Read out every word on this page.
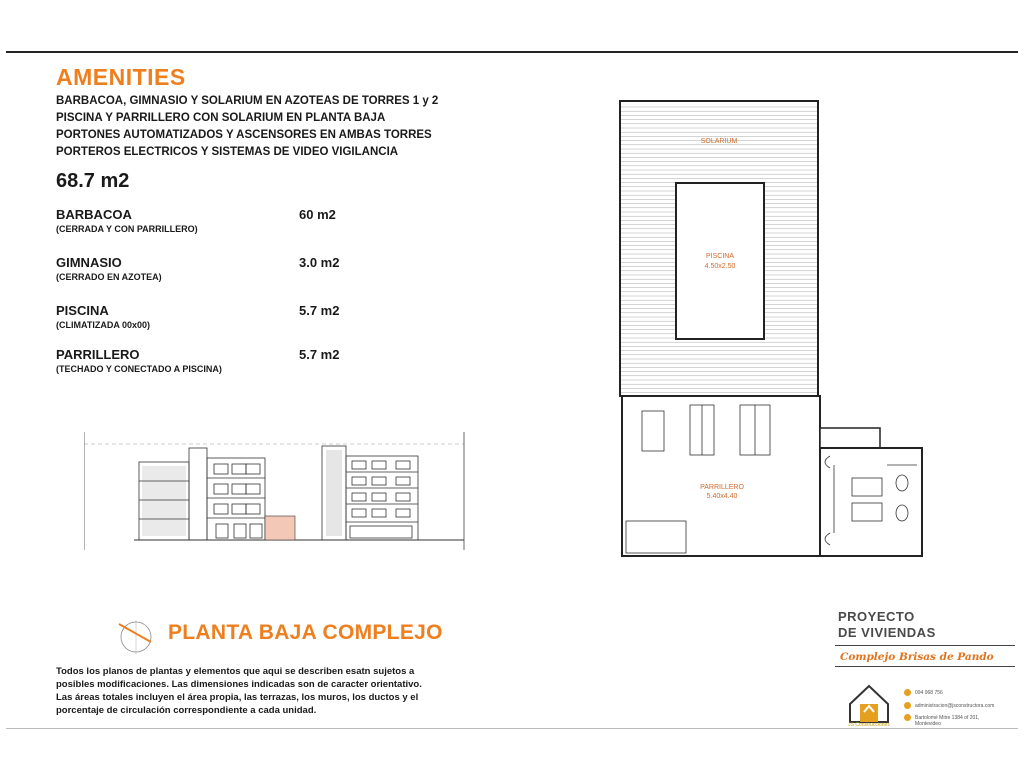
AMENITIES
BARBACOA, GIMNASIO Y SOLARIUM EN AZOTEAS DE TORRES 1 y 2
PISCINA Y PARRILLERO CON SOLARIUM EN PLANTA BAJA
PORTONES AUTOMATIZADOS Y ASCENSORES EN AMBAS TORRES
PORTEROS ELECTRICOS Y SISTEMAS DE VIDEO VIGILANCIA
68.7 m2
BARBACOA
(CERRADA Y CON PARRILLERO)
60 m2
GIMNASIO
(CERRADO EN AZOTEA)
3.0 m2
PISCINA
(CLIMATIZADA 00x00)
5.7 m2
PARRILLERO
(TECHADO Y CONECTADO A PISCINA)
5.7 m2
SOLARIUM
PISCINA
4.50x2.50
PARRILLERO
5.40x4.40
PLANTA BAJA COMPLEJO
Todos los planos de plantas y elementos que aqui se describen esatn sujetos a
posibles modificaciones. Las dimensiones indicadas son de caracter orientativo.
Las áreas totales incluyen el área propia, las terrazas, los muros, los ductos y el
porcentaje de circulación correspondiente a cada unidad.
PROYECTO
DE VIVIENDAS
Complejo Brisas de Pando
JS Construcciones
094 968 756
administracion@jsconstructora.com
Bartolomé Mitre 1384 of 201,
Montevideo
